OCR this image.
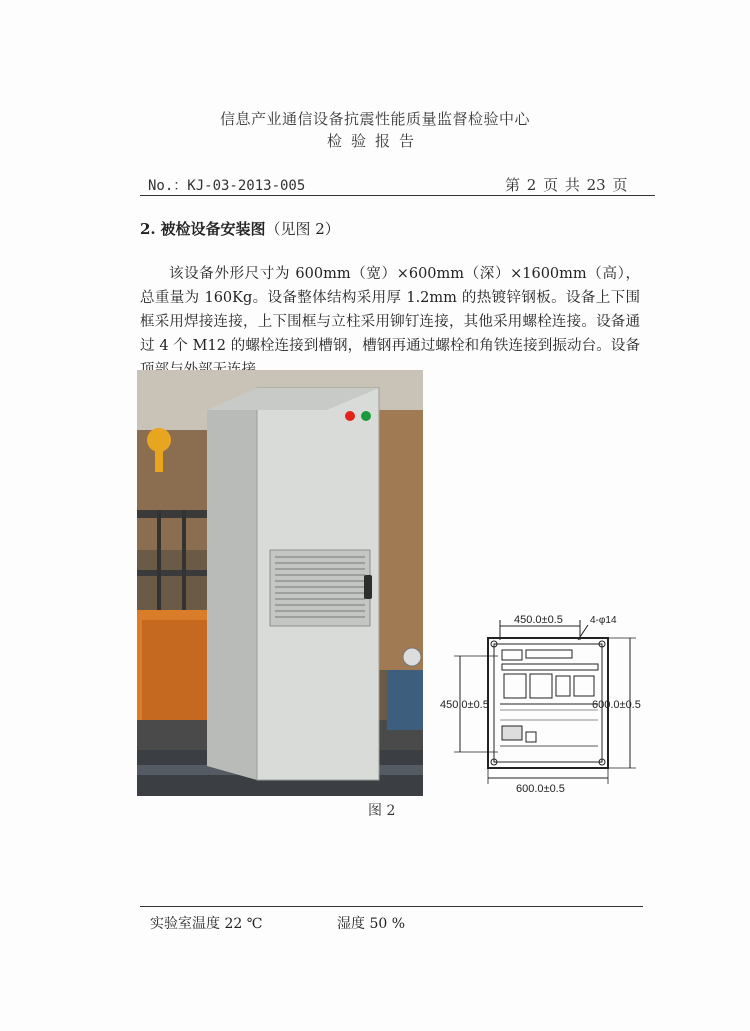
信息产业通信设备抗震性能质量监督检验中心
检验报告
No.：KJ-03-2013-005	第 2 页 共 23 页
2. 被检设备安装图（见图 2）

该设备外形尺寸为 600mm（宽）×600mm（深）×1600mm（高），总重量为 160Kg。设备整体结构采用厚 1.2mm 的热镀锌钢板。设备上下围框采用焊接连接，上下围框与立柱采用铆钉连接，其他采用螺栓连接。设备通过 4 个 M12 的螺栓连接到槽钢，槽钢再通过螺栓和角铁连接到振动台。设备

图 2
450.0±0.5	4-φ14
450.0±0.5	600.0±0.5
600.0±0.5
实验室温度 22 ℃	湿度 50 %
